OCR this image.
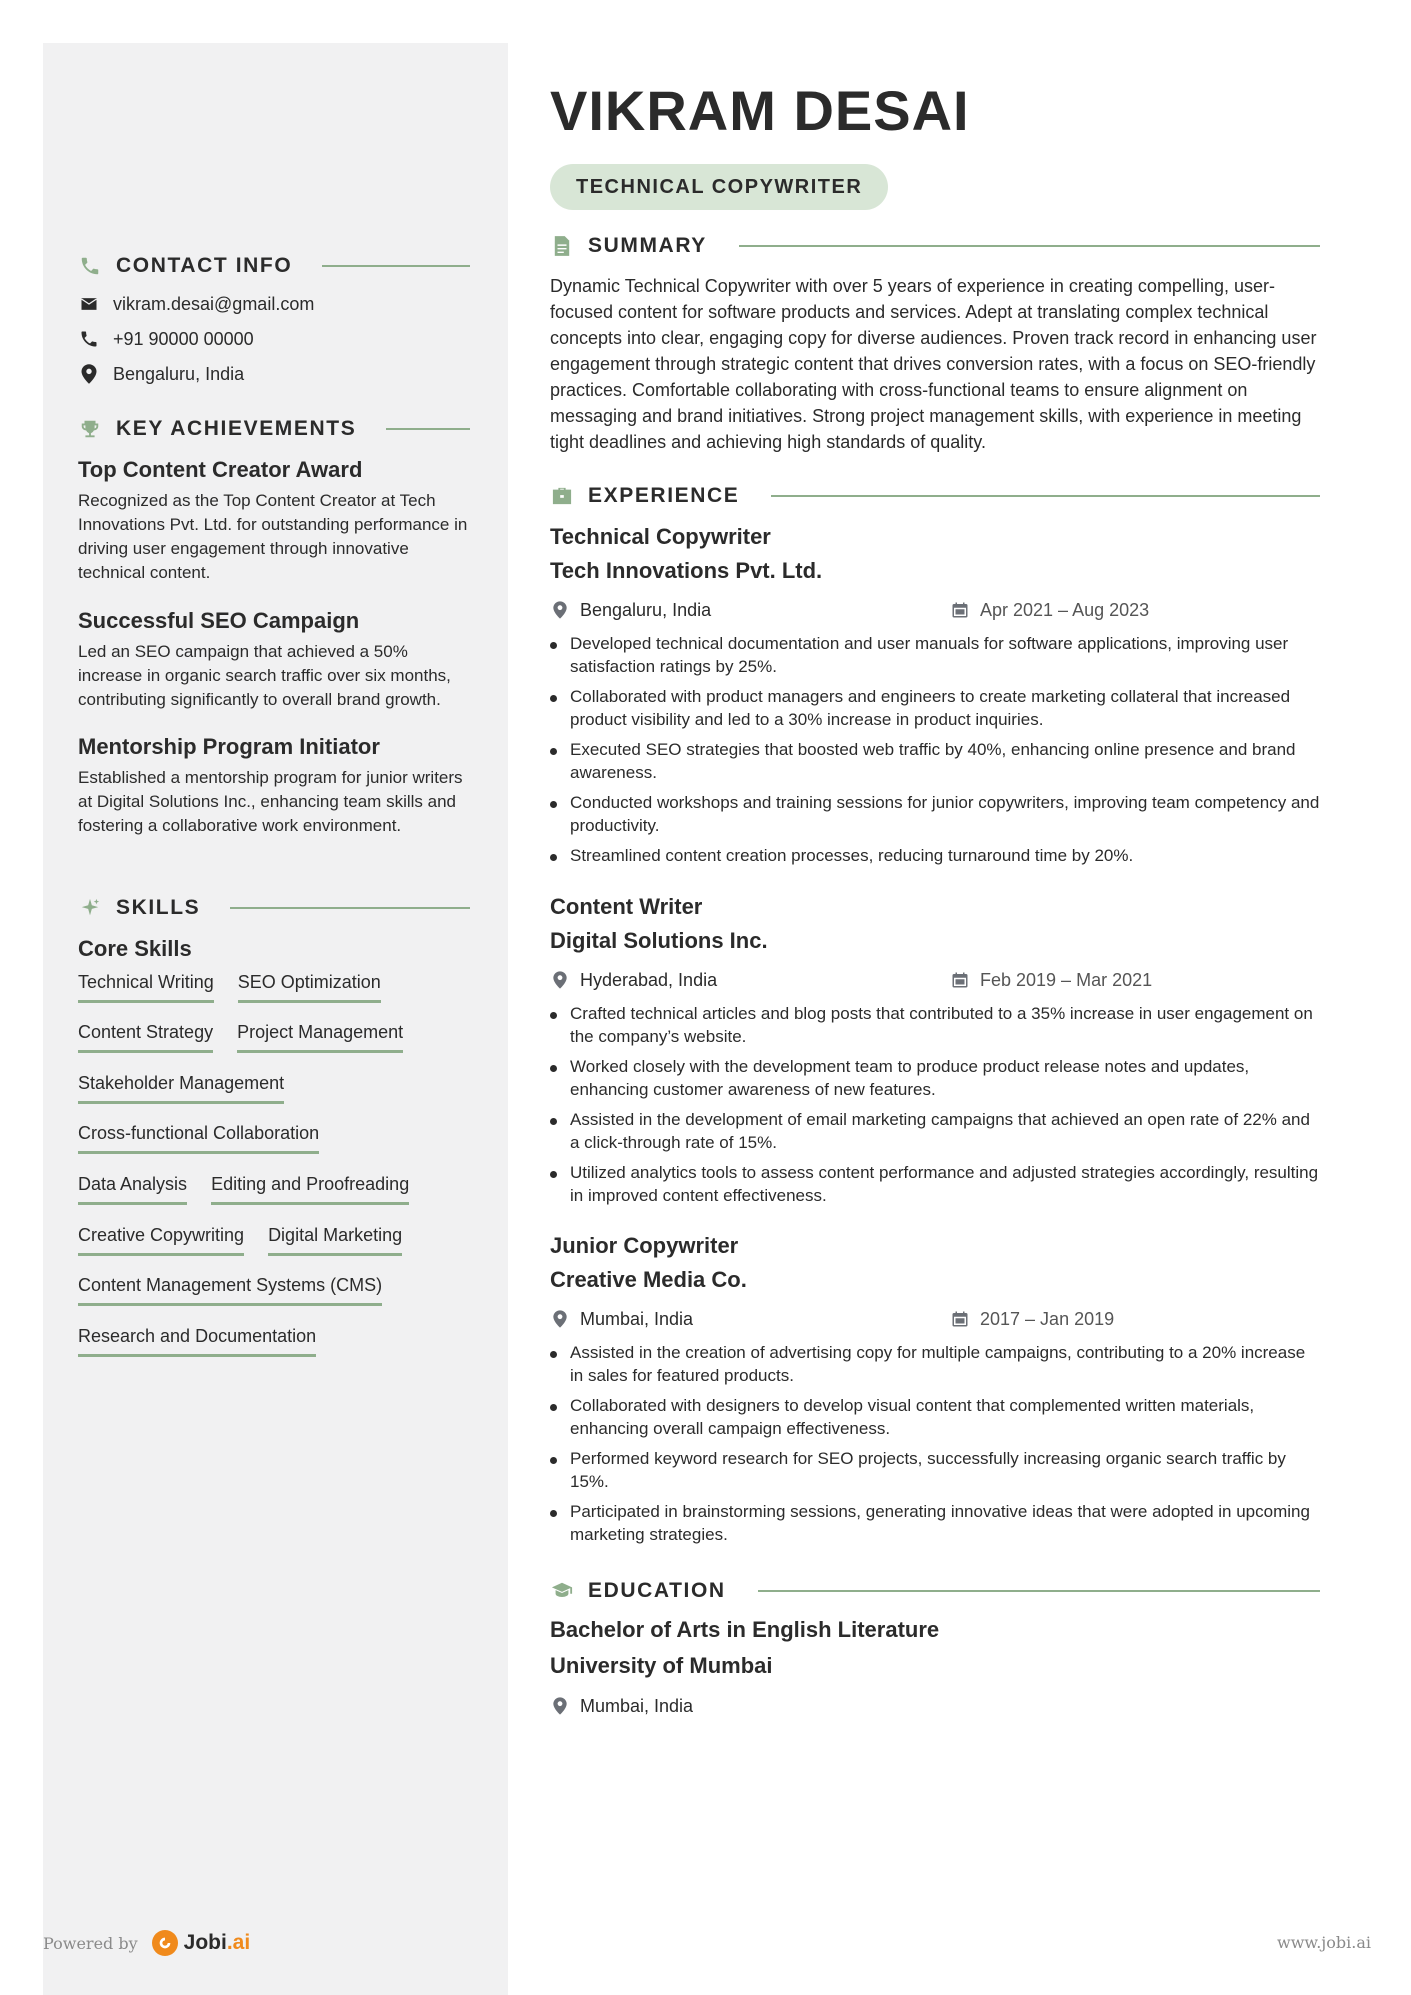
CONTACT INFO
vikram.desai@gmail.com
+91 90000 00000
Bengaluru, India
KEY ACHIEVEMENTS
Top Content Creator Award
Recognized as the Top Content Creator at Tech Innovations Pvt. Ltd. for outstanding performance in driving user engagement through innovative technical content.
Successful SEO Campaign
Led an SEO campaign that achieved a 50% increase in organic search traffic over six months, contributing significantly to overall brand growth.
Mentorship Program Initiator
Established a mentorship program for junior writers at Digital Solutions Inc., enhancing team skills and fostering a collaborative work environment.
SKILLS
Core Skills
Technical Writing SEO Optimization
Content Strategy Project Management
Stakeholder Management
Cross-functional Collaboration
Data Analysis Editing and Proofreading
Creative Copywriting Digital Marketing
Content Management Systems (CMS)
Research and Documentation
VIKRAM DESAI
TECHNICAL COPYWRITER
SUMMARY
Dynamic Technical Copywriter with over 5 years of experience in creating compelling, user-focused content for software products and services. Adept at translating complex technical concepts into clear, engaging copy for diverse audiences. Proven track record in enhancing user engagement through strategic content that drives conversion rates, with a focus on SEO-friendly practices. Comfortable collaborating with cross-functional teams to ensure alignment on messaging and brand initiatives. Strong project management skills, with experience in meeting tight deadlines and achieving high standards of quality.
EXPERIENCE
Technical Copywriter
Tech Innovations Pvt. Ltd.
Bengaluru, India	Apr 2021 – Aug 2023
Developed technical documentation and user manuals for software applications, improving user satisfaction ratings by 25%.
Collaborated with product managers and engineers to create marketing collateral that increased product visibility and led to a 30% increase in product inquiries.
Executed SEO strategies that boosted web traffic by 40%, enhancing online presence and brand awareness.
Conducted workshops and training sessions for junior copywriters, improving team competency and productivity.
Streamlined content creation processes, reducing turnaround time by 20%.
Content Writer
Digital Solutions Inc.
Hyderabad, India	Feb 2019 – Mar 2021
Crafted technical articles and blog posts that contributed to a 35% increase in user engagement on the company’s website.
Worked closely with the development team to produce product release notes and updates, enhancing customer awareness of new features.
Assisted in the development of email marketing campaigns that achieved an open rate of 22% and a click-through rate of 15%.
Utilized analytics tools to assess content performance and adjusted strategies accordingly, resulting in improved content effectiveness.
Junior Copywriter
Creative Media Co.
Mumbai, India	2017 – Jan 2019
Assisted in the creation of advertising copy for multiple campaigns, contributing to a 20% increase in sales for featured products.
Collaborated with designers to develop visual content that complemented written materials, enhancing overall campaign effectiveness.
Performed keyword research for SEO projects, successfully increasing organic search traffic by 15%.
Participated in brainstorming sessions, generating innovative ideas that were adopted in upcoming marketing strategies.
EDUCATION
Bachelor of Arts in English Literature
University of Mumbai
Mumbai, India
Powered by Jobi.ai	www.jobi.ai
